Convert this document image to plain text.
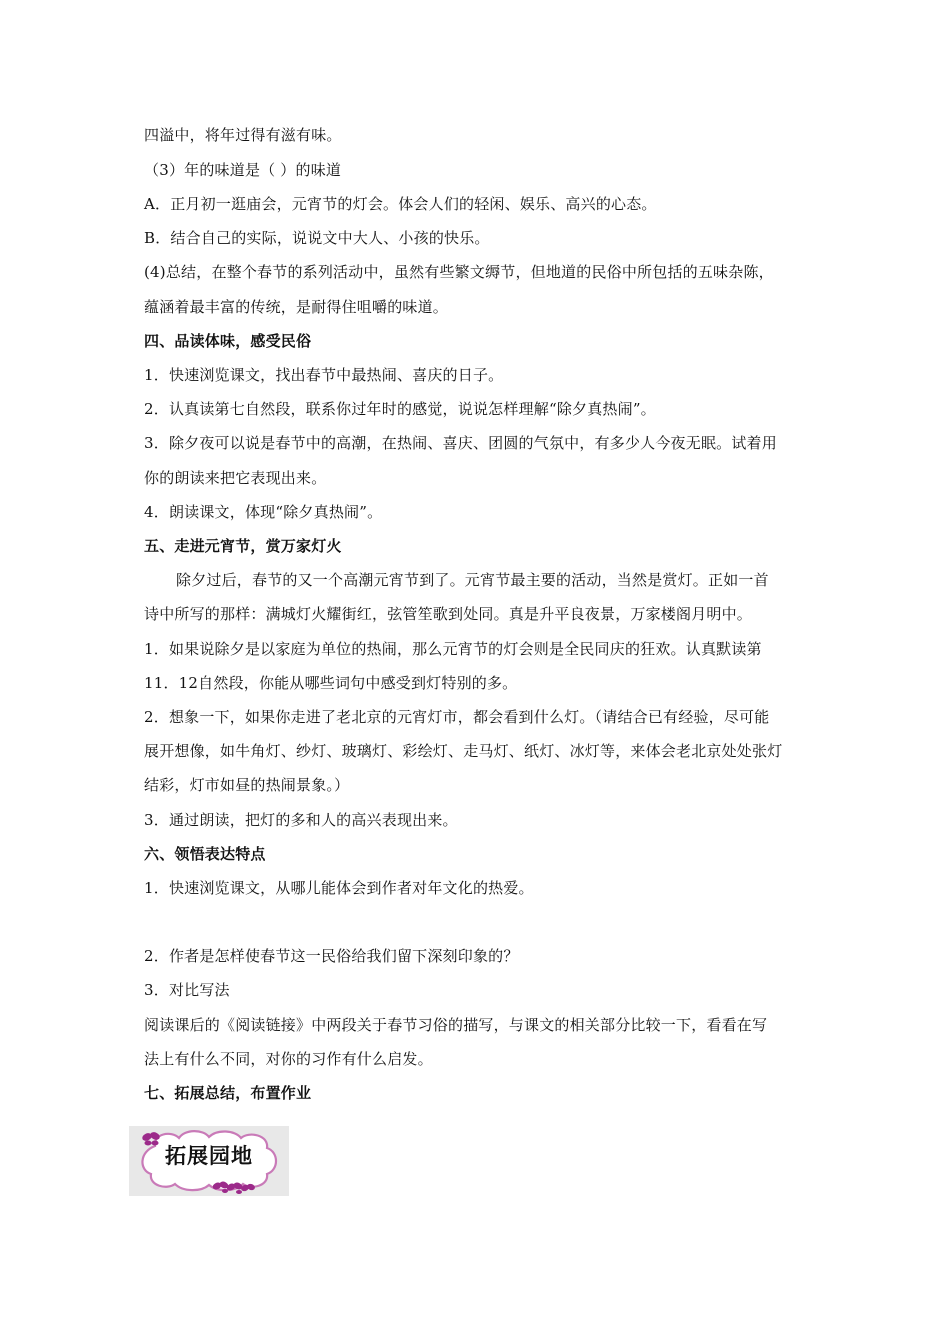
四溢中，将年过得有滋有味。
（3）年的味道是（ ）的味道
A．正月初一逛庙会，元宵节的灯会。体会人们的轻闲、娱乐、高兴的心态。
B．结合自己的实际，说说文中大人、小孩的快乐。
(4)总结，在整个春节的系列活动中，虽然有些繁文缛节，但地道的民俗中所包括的五味杂陈，
蕴涵着最丰富的传统，是耐得住咀嚼的味道。
四、品读体味，感受民俗
1．快速浏览课文，找出春节中最热闹、喜庆的日子。
2．认真读第七自然段，联系你过年时的感觉，说说怎样理解“除夕真热闹”。
3．除夕夜可以说是春节中的高潮，在热闹、喜庆、团圆的气氛中，有多少人今夜无眠。试着用
你的朗读来把它表现出来。
4．朗读课文，体现“除夕真热闹”。
五、走进元宵节，赏万家灯火
除夕过后，春节的又一个高潮元宵节到了。元宵节最主要的活动，当然是赏灯。正如一首
诗中所写的那样：满城灯火耀街红，弦管笙歌到处同。真是升平良夜景，万家楼阁月明中。
1．如果说除夕是以家庭为单位的热闹，那么元宵节的灯会则是全民同庆的狂欢。认真默读第
11．12自然段，你能从哪些词句中感受到灯特别的多。
2．想象一下，如果你走进了老北京的元宵灯市，都会看到什么灯。（请结合已有经验，尽可能
展开想像，如牛角灯、纱灯、玻璃灯、彩绘灯、走马灯、纸灯、冰灯等，来体会老北京处处张灯
结彩，灯市如昼的热闹景象。）
3．通过朗读，把灯的多和人的高兴表现出来。
六、领悟表达特点
1．快速浏览课文，从哪儿能体会到作者对年文化的热爱。
2．作者是怎样使春节这一民俗给我们留下深刻印象的？
3．对比写法
阅读课后的《阅读链接》中两段关于春节习俗的描写，与课文的相关部分比较一下，看看在写
法上有什么不同，对你的习作有什么启发。
七、拓展总结，布置作业
拓展园地
